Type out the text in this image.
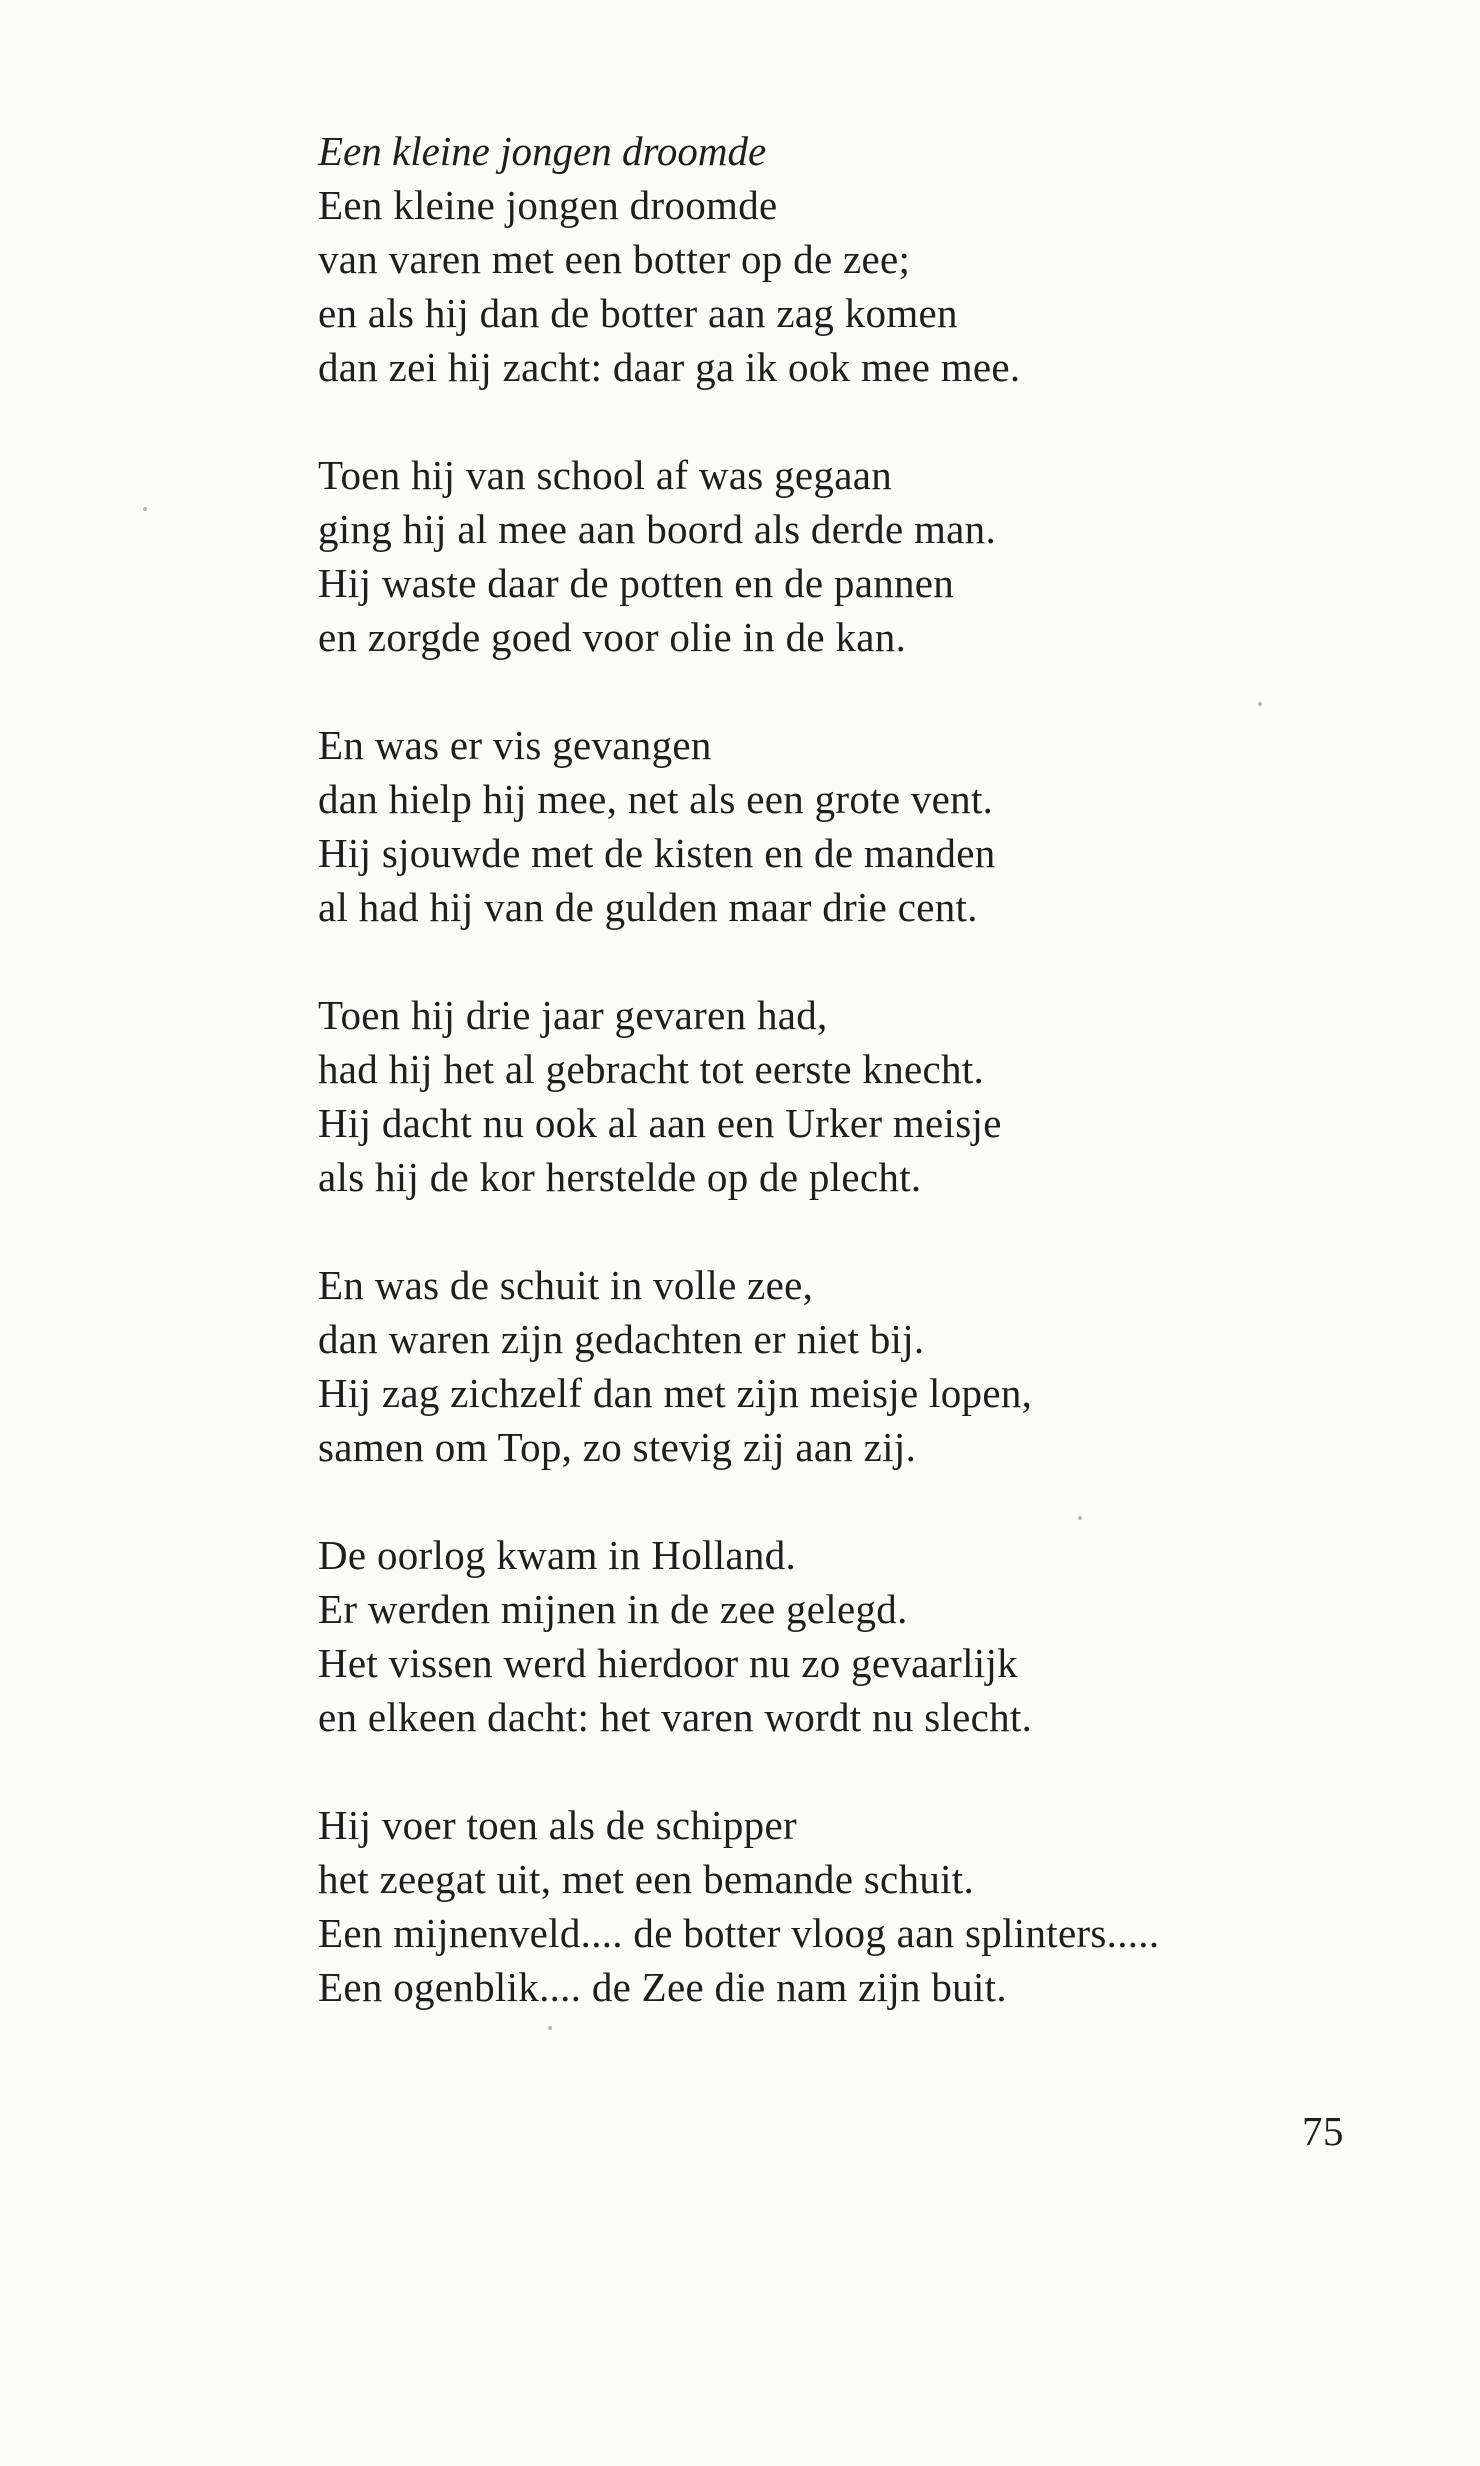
Een kleine jongen droomde
Een kleine jongen droomde
van varen met een botter op de zee;
en als hij dan de botter aan zag komen
dan zei hij zacht: daar ga ik ook mee mee.
Toen hij van school af was gegaan
ging hij al mee aan boord als derde man.
Hij waste daar de potten en de pannen
en zorgde goed voor olie in de kan.
En was er vis gevangen
dan hielp hij mee, net als een grote vent.
Hij sjouwde met de kisten en de manden
al had hij van de gulden maar drie cent.
Toen hij drie jaar gevaren had,
had hij het al gebracht tot eerste knecht.
Hij dacht nu ook al aan een Urker meisje
als hij de kor herstelde op de plecht.
En was de schuit in volle zee,
dan waren zijn gedachten er niet bij.
Hij zag zichzelf dan met zijn meisje lopen,
samen om Top, zo stevig zij aan zij.
De oorlog kwam in Holland.
Er werden mijnen in de zee gelegd.
Het vissen werd hierdoor nu zo gevaarlijk
en elkeen dacht: het varen wordt nu slecht.
Hij voer toen als de schipper
het zeegat uit, met een bemande schuit.
Een mijnenveld.... de botter vloog aan splinters.....
Een ogenblik.... de Zee die nam zijn buit.
75
